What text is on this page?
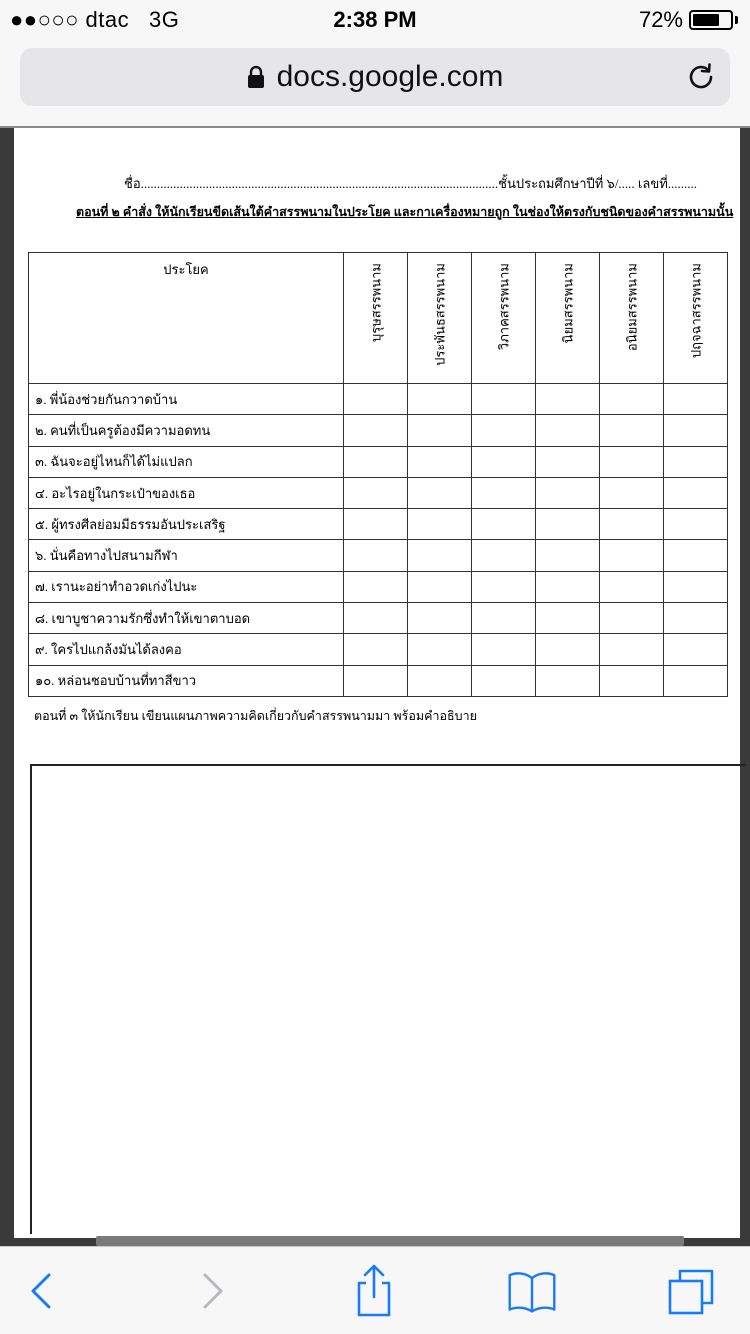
●●○○○ dtac 3G	2:38 PM	72%
docs.google.com
ชื่อ..............................................................................................................ชั้นประถมศึกษาปีที่ ๖/..... เลขที่.........
ตอนที่ ๒ คำสั่ง ให้นักเรียนขีดเส้นใต้คำสรรพนามในประโยค และกาเครื่องหมายถูก ในช่องให้ตรงกับชนิดของคำสรรพนามนั้น
ประโยค	บุรุษสรรพนาม	ประพันธสรรพนาม	วิภาคสรรพนาม	นิยมสรรพนาม	อนิยมสรรพนาม	ปฤจฉาสรรพนาม

๑. พี่น้องช่วยกันกวาดบ้าน						
๒. คนที่เป็นครูต้องมีความอดทน						
๓. ฉันจะอยู่ไหนก็ได้ไม่แปลก						
๔. อะไรอยู่ในกระเป๋าของเธอ						
๕. ผู้ทรงศีลย่อมมีธรรมอันประเสริฐ						
๖. นั่นคือทางไปสนามกีฬา						
๗. เรานะอย่าทำอวดเก่งไปนะ						
๘. เขาบูชาความรักซึ่งทำให้เขาตาบอด						
๙. ใครไปแกล้งมันได้ลงคอ						
๑๐. หล่อนชอบบ้านที่ทาสีขาว						
ตอนที่ ๓ ให้นักเรียน เขียนแผนภาพความคิดเกี่ยวกับคำสรรพนามมา พร้อมคำอธิบาย
